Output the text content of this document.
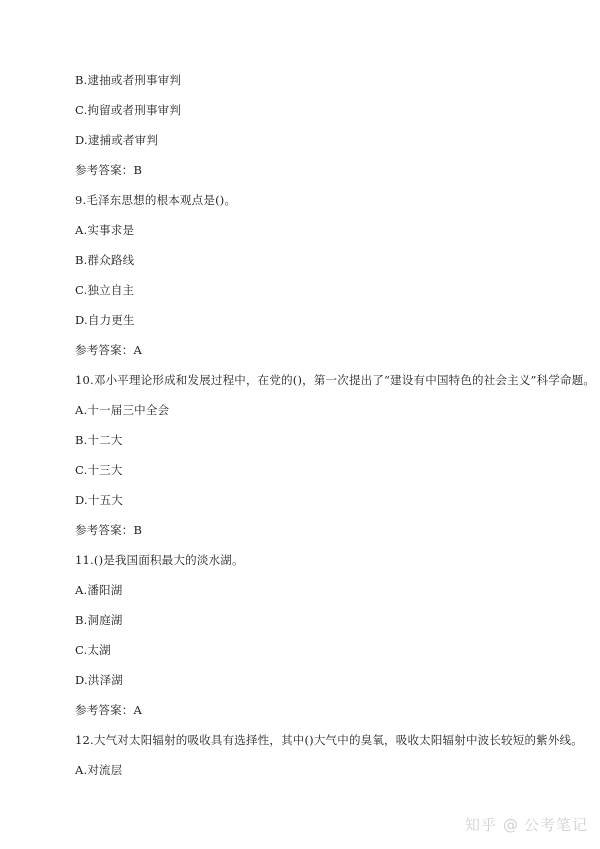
B.逮抽或者刑事审判
C.拘留或者刑事审判
D.逮捕或者审判
参考答案：B
9.毛泽东思想的根本观点是()。
A.实事求是
B.群众路线
C.独立自主
D.自力更生
参考答案：A
10.邓小平理论形成和发展过程中，在党的()，第一次提出了“建设有中国特色的社会主义”科学命题。
A.十一届三中全会
B.十二大
C.十三大
D.十五大
参考答案：B
11.()是我国面积最大的淡水湖。
A.潘阳湖
B.洞庭湖
C.太湖
D.洪泽湖
参考答案：A
12.大气对太阳辐射的吸收具有选择性，其中()大气中的臭氧，吸收太阳辐射中波长较短的紫外线。
A.对流层
知乎 @ 公考笔记
